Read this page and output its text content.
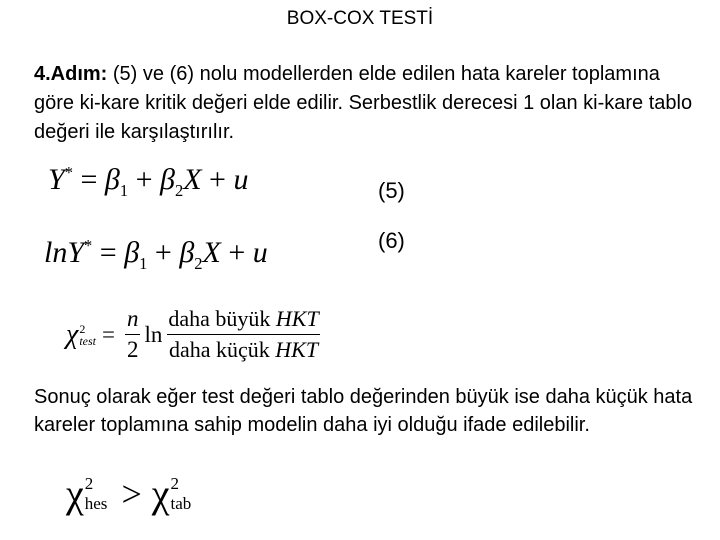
BOX-COX TESTİ
4.Adım: (5) ve (6) nolu modellerden elde edilen hata kareler toplamına göre ki-kare kritik değeri elde edilir. Serbestlik derecesi 1 olan ki-kare tablo değeri ile karşılaştırılır.
$Y^* = \beta_1 + \beta_2X + u$	(5)
$\ln Y^* = \beta_1 + \beta_2X + u$	(6)
χ 2
test = $\frac{n}{2}$ $\ln \frac{\text{daha büyük HKT}}{\text{daha küçük HKT}}$
Sonuç olarak eğer test değeri tablo değerinden büyük ise daha küçük hata kareler toplamına sahip modelin daha iyi olduğu ifade edilebilir.
χ 2
hes > χ 2
tab
